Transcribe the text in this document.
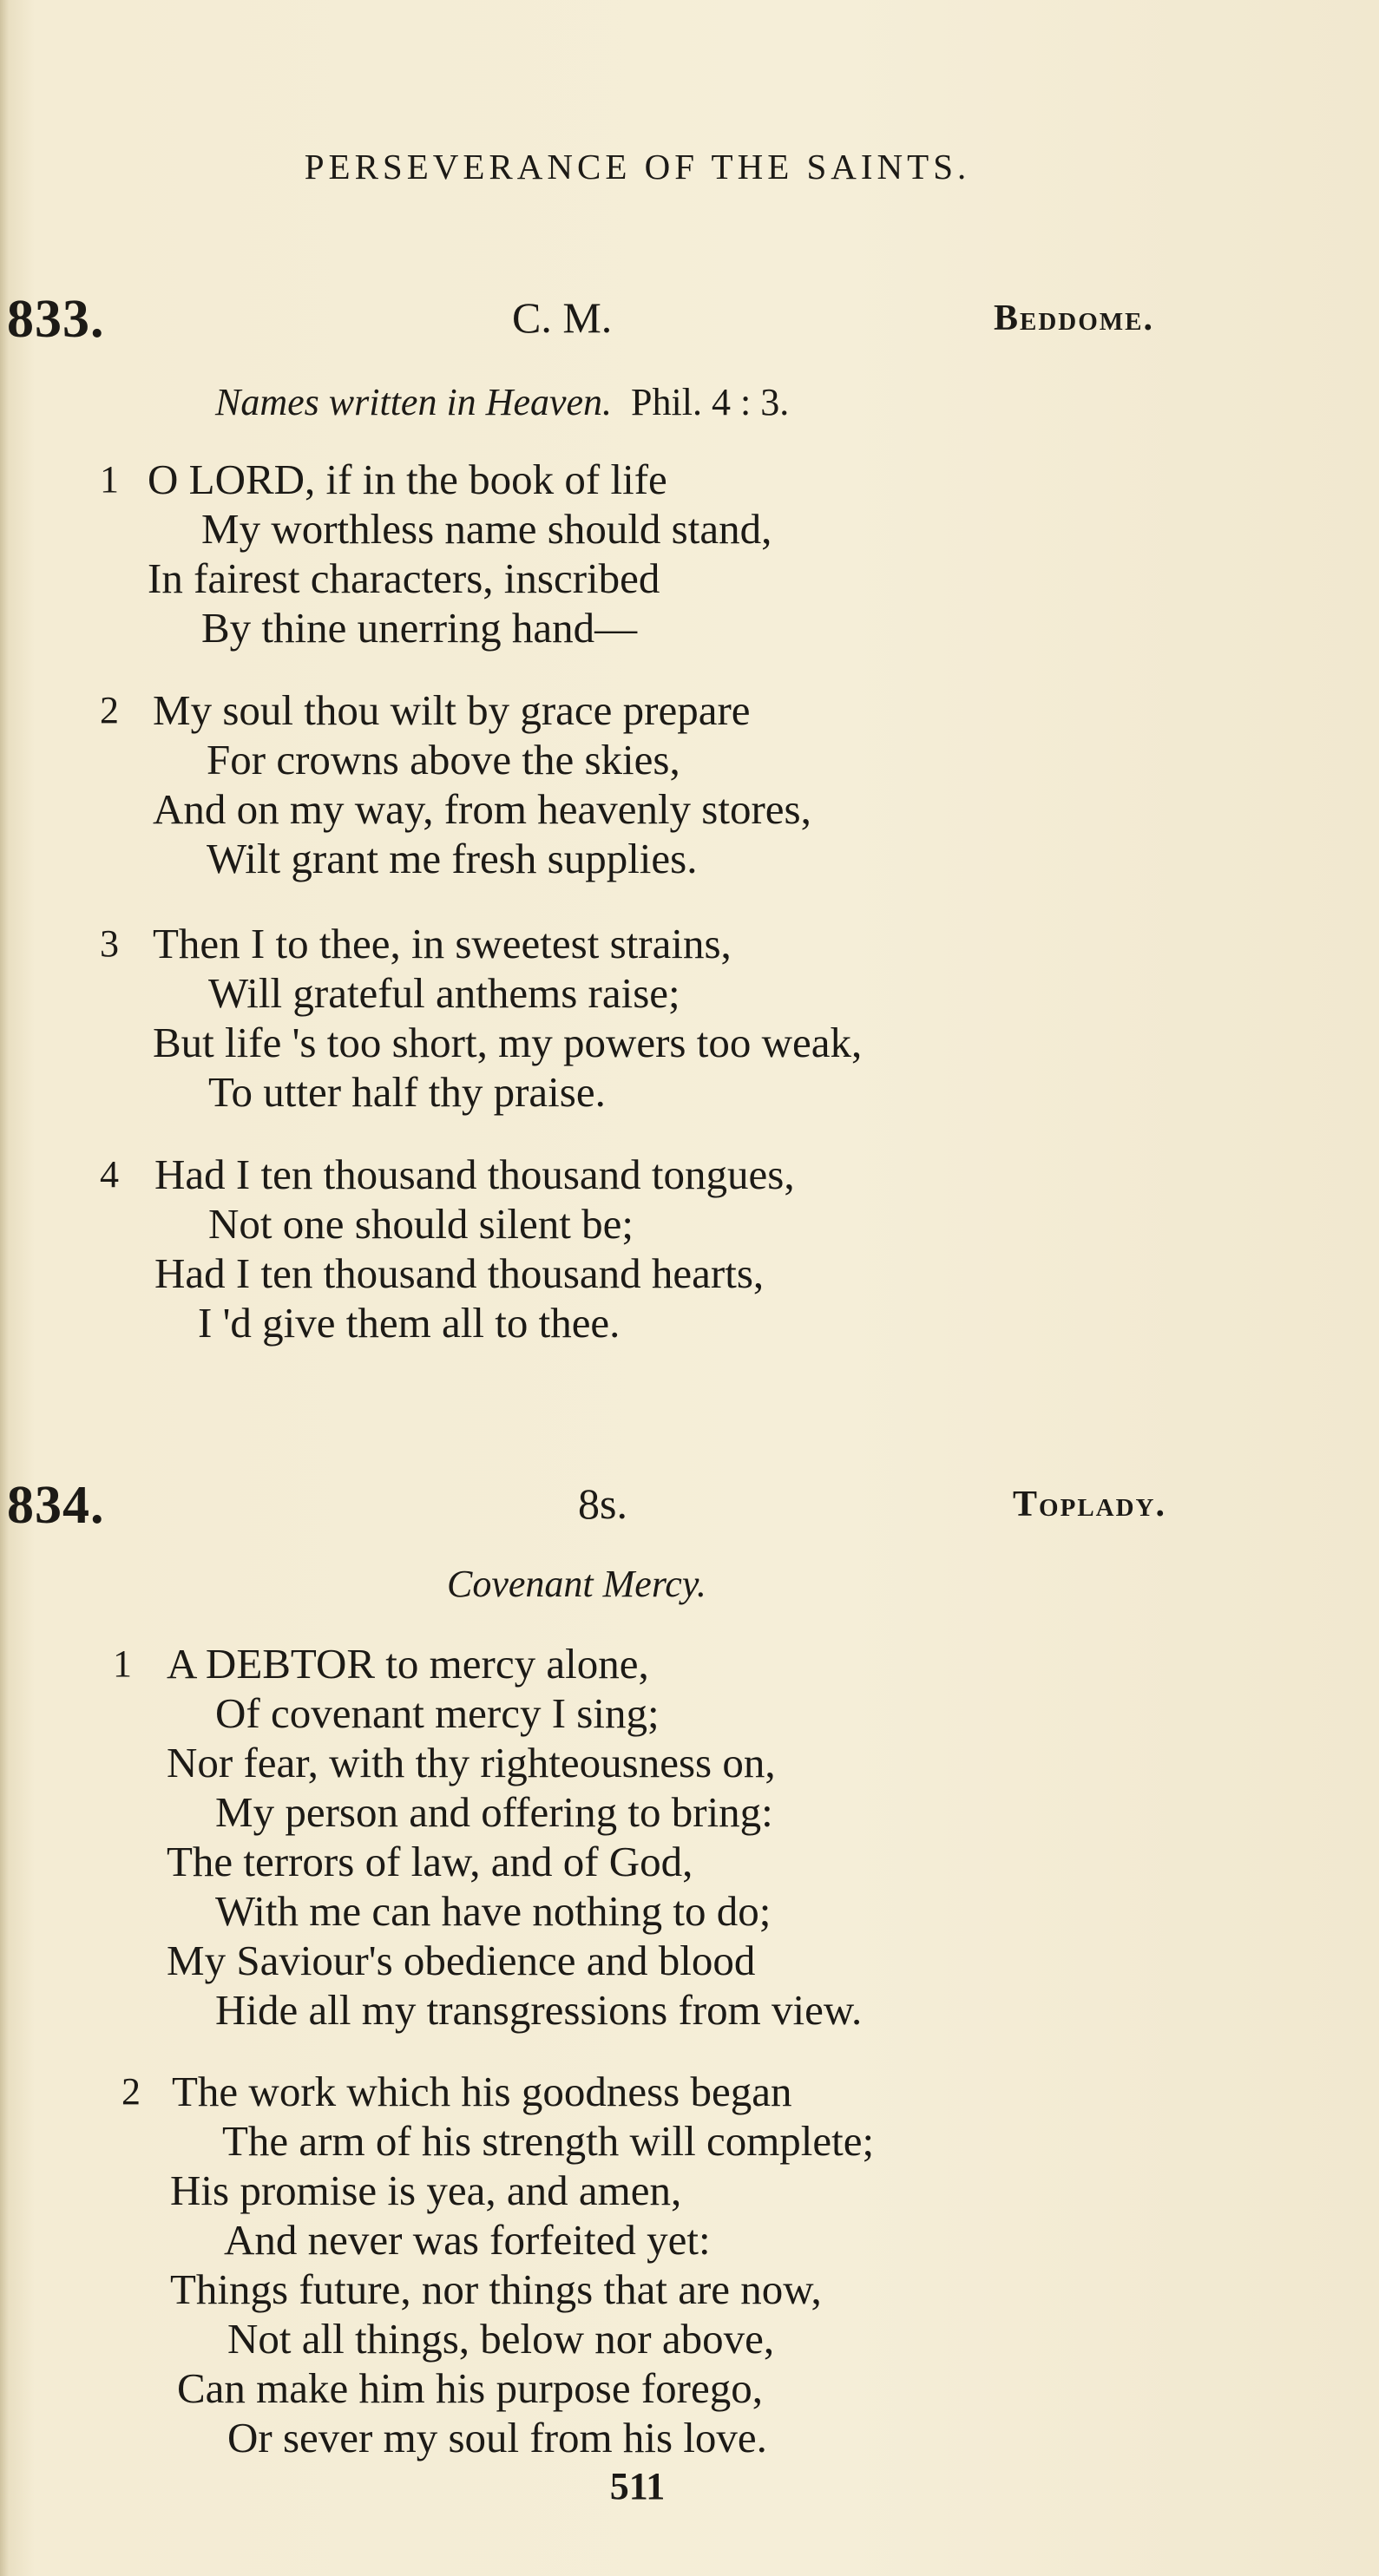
PERSEVERANCE OF THE SAINTS.
833.	C. M.	Beddome.
Names written in Heaven. Phil. 4 : 3.
1 O LORD, if in the book of life
My worthless name should stand,
In fairest characters, inscribed
By thine unerring hand—
2 My soul thou wilt by grace prepare
For crowns above the skies,
And on my way, from heavenly stores,
Wilt grant me fresh supplies.
3 Then I to thee, in sweetest strains,
Will grateful anthems raise;
But life 's too short, my powers too weak,
To utter half thy praise.
4 Had I ten thousand thousand tongues,
Not one should silent be;
Had I ten thousand thousand hearts,
I 'd give them all to thee.
834.	8s.	Toplady.
Covenant Mercy.
1 A DEBTOR to mercy alone,
Of covenant mercy I sing;
Nor fear, with thy righteousness on,
My person and offering to bring:
The terrors of law, and of God,
With me can have nothing to do;
My Saviour's obedience and blood
Hide all my transgressions from view.
2 The work which his goodness began
The arm of his strength will complete;
His promise is yea, and amen,
And never was forfeited yet:
Things future, nor things that are now,
Not all things, below nor above,
Can make him his purpose forego,
Or sever my soul from his love.
511
